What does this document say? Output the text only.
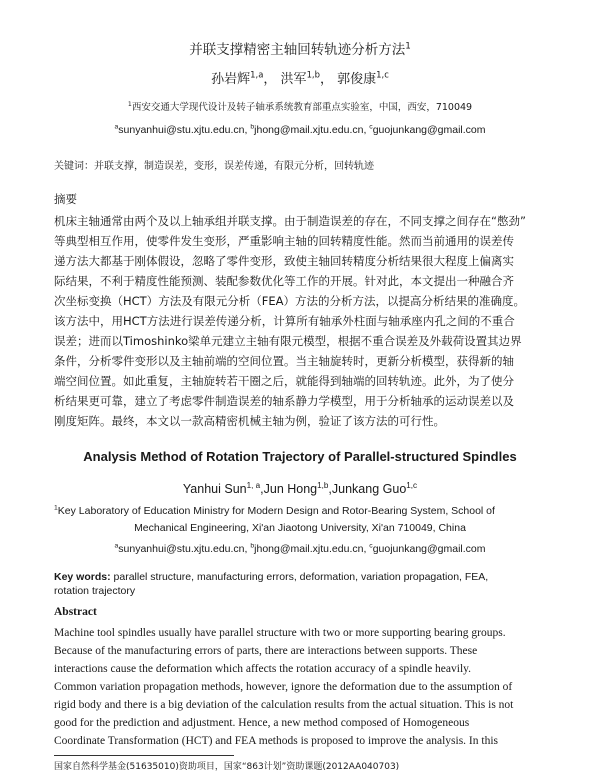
并联支撑精密主轴回转轨迹分析方法$^1$
孙岩辉$^{1,a}$， 洪军$^{1,b}$， 郭俊康$^{1,c}$
$^1$西安交通大学现代设计及转子轴承系统教育部重点实验室，中国，西安，710049
$^a$sunyanhui@stu.xjtu.edu.cn, $^b$jhong@mail.xjtu.edu.cn, $^c$guojunkang@gmail.com
关键词：并联支撑，制造误差，变形，误差传递，有限元分析，回转轨迹
摘要
机床主轴通常由两个及以上轴承组并联支撑。由于制造误差的存在，不同支撑之间存在“憋劲”
等典型相互作用，使零件发生变形，严重影响主轴的回转精度性能。然而当前通用的误差传
递方法大都基于刚体假设，忽略了零件变形，致使主轴回转精度分析结果很大程度上偏离实
际结果，不利于精度性能预测、装配参数优化等工作的开展。针对此，本文提出一种融合齐
次坐标变换（HCT）方法及有限元分析（FEA）方法的分析方法，以提高分析结果的准确度。
该方法中，用HCT方法进行误差传递分析，计算所有轴承外柱面与轴承座内孔之间的不重合
误差；进而以Timoshinko梁单元建立主轴有限元模型，根据不重合误差及外载荷设置其边界
条件，分析零件变形以及主轴前端的空间位置。当主轴旋转时，更新分析模型，获得新的轴
端空间位置。如此重复，主轴旋转若干圈之后，就能得到轴端的回转轨迹。此外，为了使分
析结果更可靠，建立了考虑零件制造误差的轴系静力学模型，用于分析轴承的运动误差以及
刚度矩阵。最终，本文以一款高精密机械主轴为例，验证了该方法的可行性。
Analysis Method of Rotation Trajectory of Parallel-structured Spindles
Yanhui Sun$^{1, a}$,Jun Hong$^{1,b}$,Junkang Guo$^{1,c}$
$^1$Key Laboratory of Education Ministry for Modern Design and Rotor-Bearing System, School of
Mechanical Engineering, Xi'an Jiaotong University, Xi'an 710049, China
$^a$sunyanhui@stu.xjtu.edu.cn, $^b$jhong@mail.xjtu.edu.cn, $^c$guojunkang@gmail.com
Key words: parallel structure, manufacturing errors, deformation, variation propagation, FEA,
rotation trajectory
Abstract
Machine tool spindles usually have parallel structure with two or more supporting bearing groups.
Because of the manufacturing errors of parts, there are interactions between supports. These
interactions cause the deformation which affects the rotation accuracy of a spindle heavily.
Common variation propagation methods, however, ignore the deformation due to the assumption of
rigid body and there is a big deviation of the calculation results from the actual situation. This is not
good for the prediction and adjustment. Hence, a new method composed of Homogeneous
Coordinate Transformation (HCT) and FEA methods is proposed to improve the analysis. In this
国家自然科学基金(51635010)资助项目，国家“863计划”资助课题(2012AA040703)
